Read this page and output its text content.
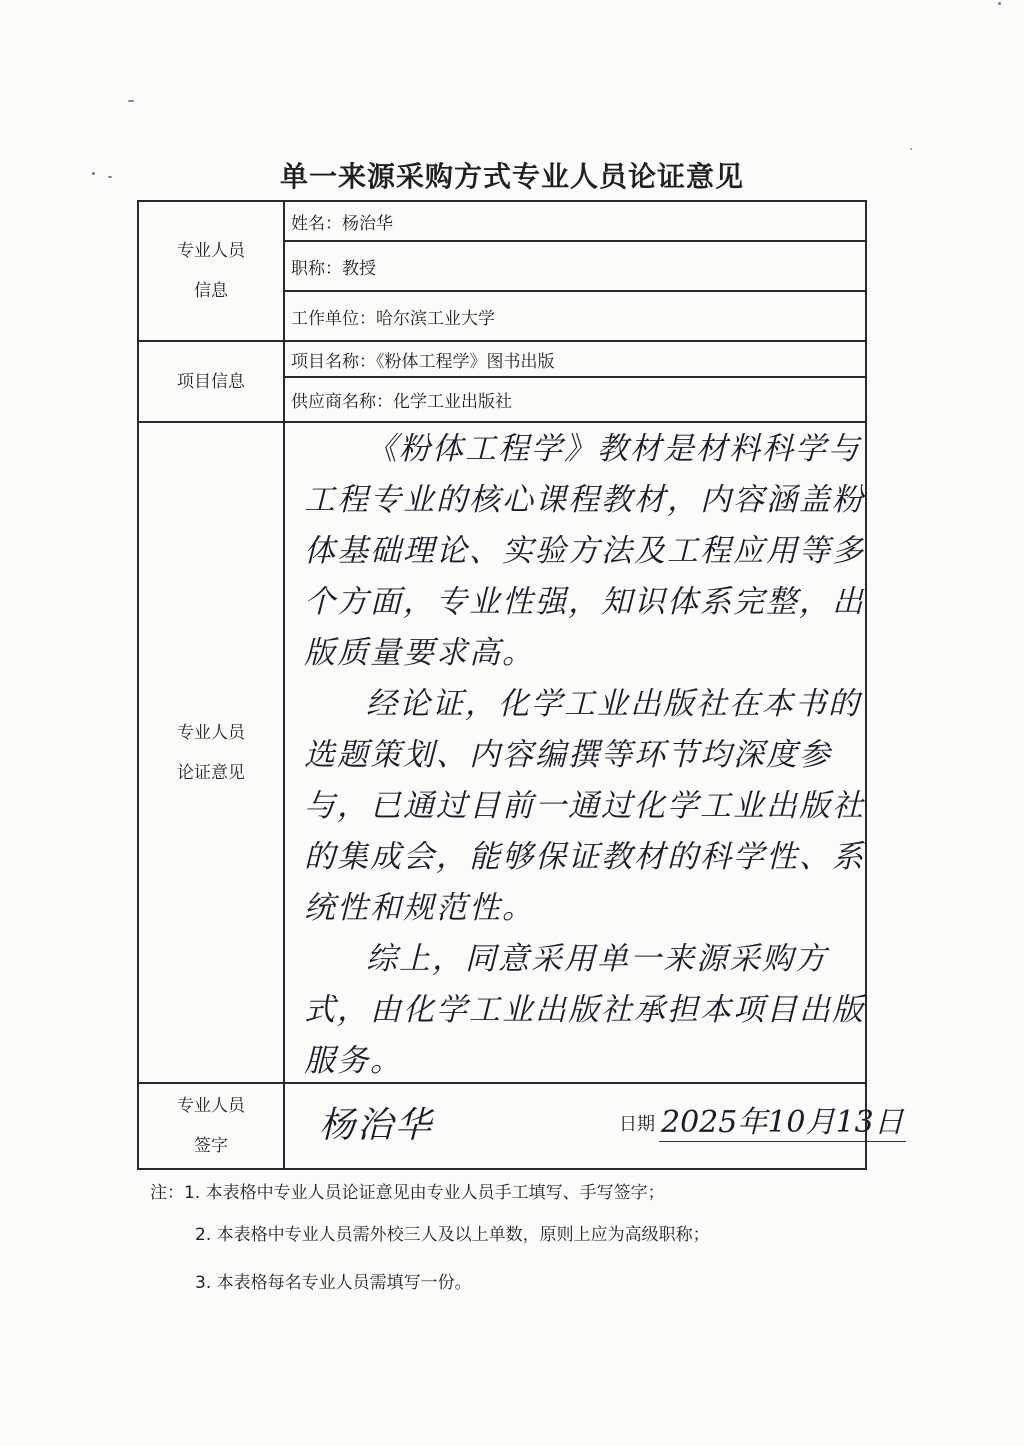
单一来源采购方式专业人员论证意见
专业人员
信息
姓名：杨治华
职称：教授
工作单位：哈尔滨工业大学
项目信息
项目名称：《粉体工程学》图书出版
供应商名称：化学工业出版社
专业人员
论证意见

《粉体工程学》教材是材料科学与工程专业的核心课程教材，内容涵盖粉体基础理论、实验方法及工程应用等多个方面，专业性强，知识体系完整，出版质量要求高。

经论证，化学工业出版社在本书的选题策划、内容编撰等环节均深度参与，已通过目前一通过化学工业出版社的集成会，能够保证教材的科学性、系统性和规范性。

综上，同意采用单一来源采购方式，由化学工业出版社承担本项目出版服务。

专业人员
签字	杨治华	日期 2025年10月13日
注：1. 本表格中专业人员论证意见由专业人员手工填写、手写签字；
2. 本表格中专业人员需外校三人及以上单数，原则上应为高级职称；
3. 本表格每名专业人员需填写一份。
